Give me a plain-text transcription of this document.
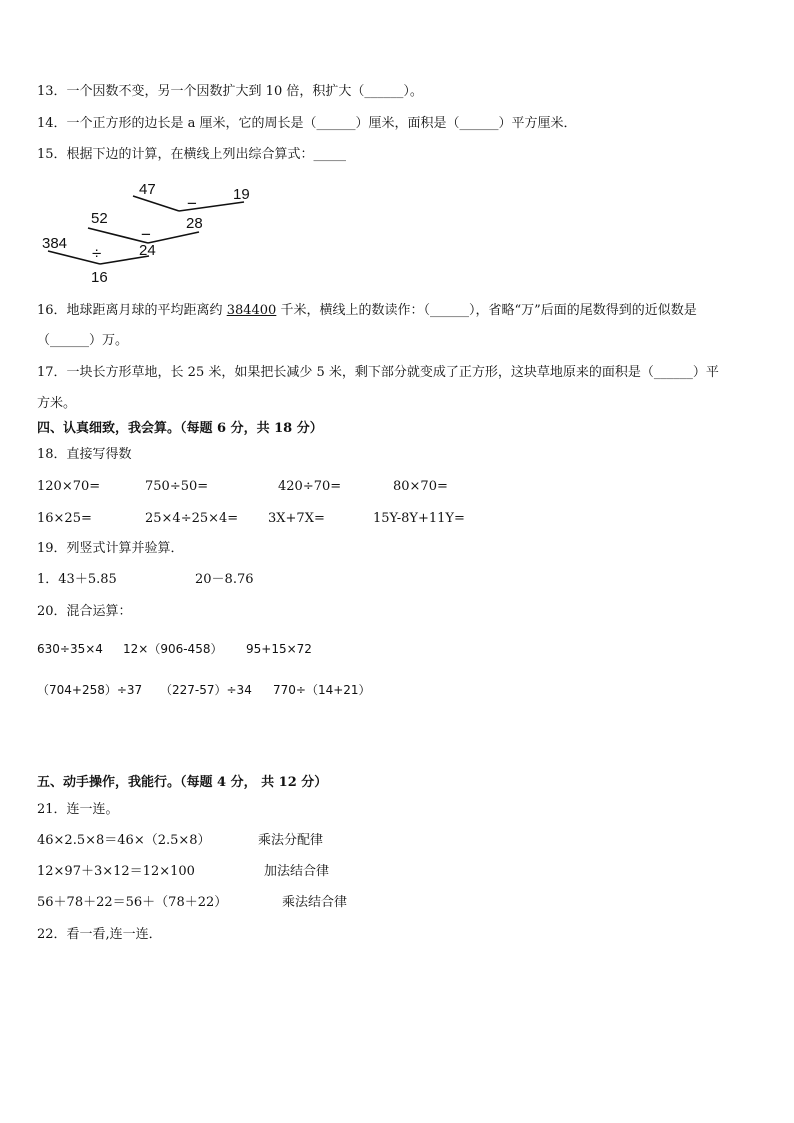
13．一个因数不变，另一个因数扩大到 10 倍，积扩大（______）。
14．一个正方形的边长是 a 厘米，它的周长是（______）厘米，面积是（______）平方厘米．
15．根据下边的计算，在横线上列出综合算式：_____
47	19
−
28
52
−
24
384
÷
16
16．地球距离月球的平均距离约 384400 千米，横线上的数读作：（______），省略“万”后面的尾数得到的近似数是
（______）万。
17．一块长方形草地，长 25 米，如果把长减少 5 米，剩下部分就变成了正方形，这块草地原来的面积是（______）平
方米。
四、认真细致，我会算。（每题 6 分，共 18 分）
18．直接写得数
120×70=	750÷50=	420÷70=	80×70=
16×25=	25×4÷25×4= 3X+7X=	15Y-8Y+11Y=
19．列竖式计算并验算．
1．43＋5.85	20－8.76
20．混合运算：
630÷35×4 12×（906-458） 95+15×72
（704+258）÷37 （227-57）÷34 770÷（14+21）
五、动手操作，我能行。（每题 4 分， 共 12 分）
21．连一连。
46×2.5×8＝46×（2.5×8）	乘法分配律
12×97＋3×12＝12×100	加法结合律
56＋78＋22＝56＋（78＋22）	乘法结合律
22．看一看,连一连．
